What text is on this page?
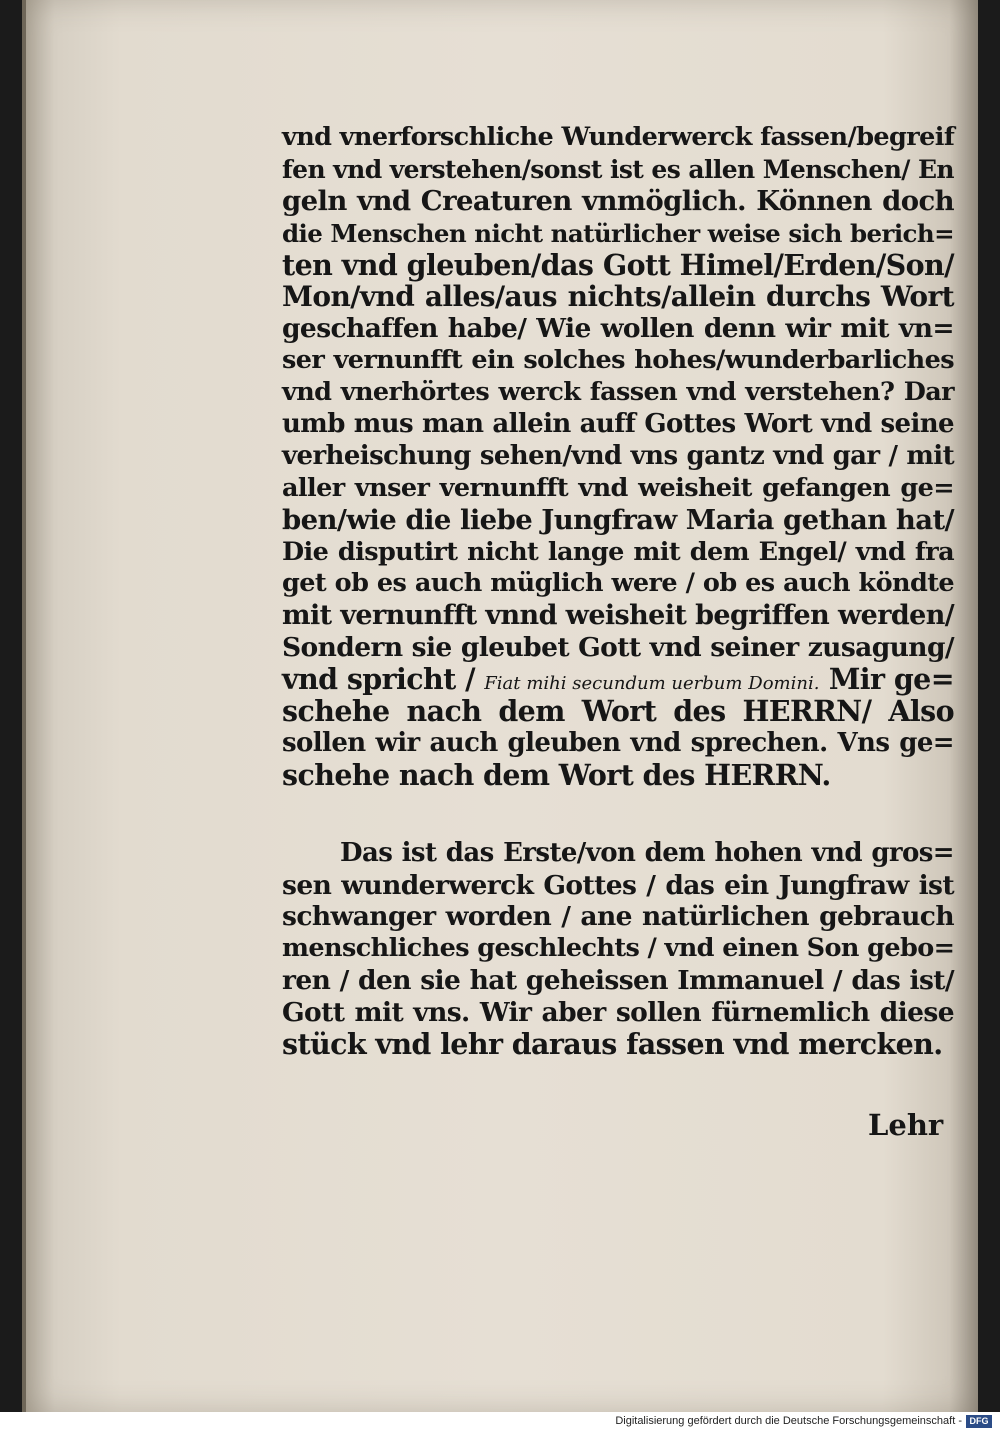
vnd vnerforschliche Wunderwerck fassen/begreif
fen vnd verstehen/sonst ist es allen Menschen/ En
geln vnd Creaturen vnmöglich. Können doch
die Menschen nicht natürlicher weise sich berich=
ten vnd gleuben/das Gott Himel/Erden/Son/
Mon/vnd alles/aus nichts/allein durchs Wort
geschaffen habe/ Wie wollen denn wir mit vn=
ser vernunfft ein solches hohes/wunderbarliches
vnd vnerhörtes werck fassen vnd verstehen? Dar
umb mus man allein auff Gottes Wort vnd seine
verheischung sehen/vnd vns gantz vnd gar / mit
aller vnser vernunfft vnd weisheit gefangen ge=
ben/wie die liebe Jungfraw Maria gethan hat/
Die disputirt nicht lange mit dem Engel/ vnd fra
get ob es auch müglich were / ob es auch köndte
mit vernunfft vnnd weisheit begriffen werden/
Sondern sie gleubet Gott vnd seiner zusagung/
vnd spricht / Fiat mihi secundum uerbum Domini. Mir ge=
schehe nach dem Wort des HERRN/ Also
sollen wir auch gleuben vnd sprechen. Vns ge=
schehe nach dem Wort des HERRN.
Das ist das Erste/von dem hohen vnd gros=
sen wunderwerck Gottes / das ein Jungfraw ist
schwanger worden / ane natürlichen gebrauch
menschliches geschlechts / vnd einen Son gebo=
ren / den sie hat geheissen Immanuel / das ist/
Gott mit vns. Wir aber sollen fürnemlich diese
stück vnd lehr daraus fassen vnd mercken.
Lehr
Digitalisierung gefördert durch die Deutsche Forschungsgemeinschaft - DFG
